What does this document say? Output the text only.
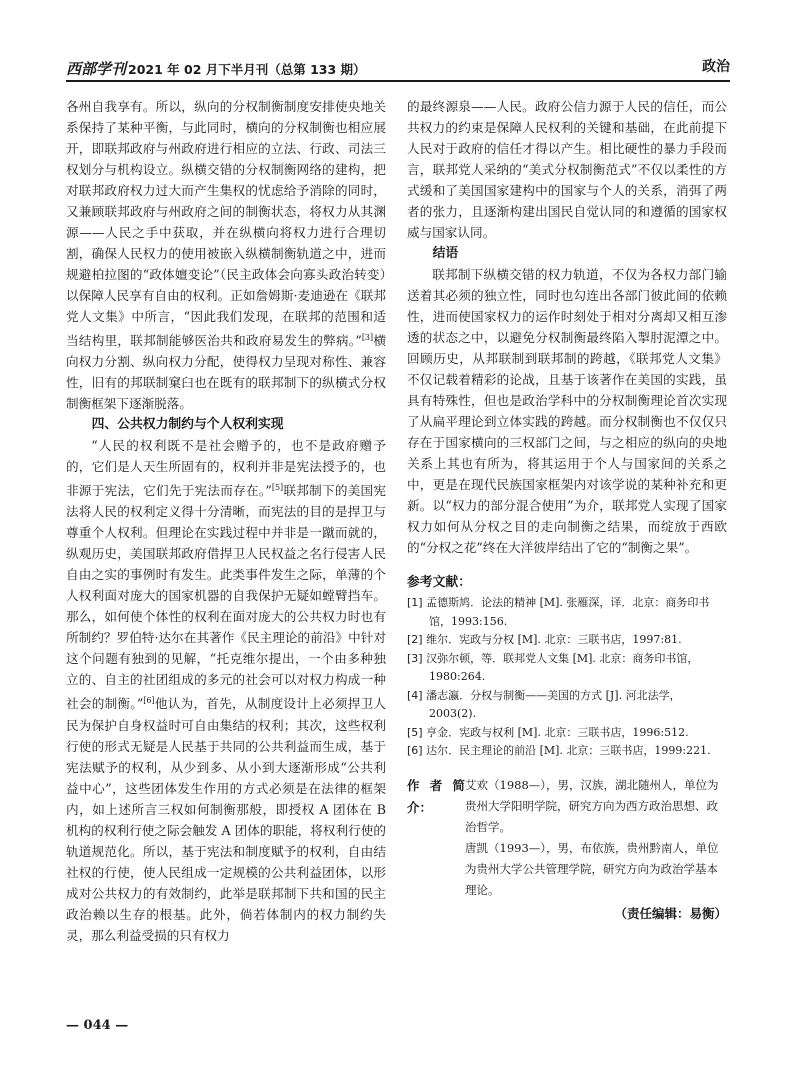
西部学刊 2021 年 02 月下半月刊（总第 133 期）	政治

各州自我享有。所以，纵向的分权制衡制度安排使央地关系保持了某种平衡，与此同时，横向的分权制衡也相应展开，即联邦政府与州政府进行相应的立法、行政、司法三权划分与机构设立。纵横交错的分权制衡网络的建构，把对联邦政府权力过大而产生集权的忧虑给予消除的同时，又兼顾联邦政府与州政府之间的制衡状态，将权力从其渊源——人民之手中获取，并在纵横向将权力进行合理切割，确保人民权力的使用被嵌入纵横制衡轨道之中，进而规避柏拉图的“政体嬗变论”（民主政体会向寡头政治转变）以保障人民享有自由的权利。正如詹姆斯·麦迪逊在《联邦党人文集》中所言，“因此我们发现，在联邦的范围和适当结构里，联邦制能够医治共和政府易发生的弊病。”[3]横向权力分割、纵向权力分配，使得权力呈现对称性、兼容性，旧有的邦联制窠臼也在既有的联邦制下的纵横式分权制衡框架下逐渐脱落。

四、公共权力制约与个人权利实现

“人民的权利既不是社会赠予的，也不是政府赠予的，它们是人天生所固有的，权利并非是宪法授予的，也非源于宪法，它们先于宪法而存在。”[5]联邦制下的美国宪法将人民的权利定义得十分清晰，而宪法的目的是捍卫与尊重个人权利。但理论在实践过程中并非是一蹴而就的，纵观历史，美国联邦政府借捍卫人民权益之名行侵害人民自由之实的事例时有发生。此类事件发生之际，单薄的个人权利面对庞大的国家机器的自我保护无疑如螳臂挡车。那么，如何使个体性的权利在面对庞大的公共权力时也有所制约？罗伯特·达尔在其著作《民主理论的前沿》中针对这个问题有独到的见解，“托克维尔提出，一个由多种独立的、自主的社团组成的多元的社会可以对权力构成一种社会的制衡。”[6]他认为，首先，从制度设计上必须捍卫人民为保护自身权益时可自由集结的权利；其次，这些权利行使的形式无疑是人民基于共同的公共利益而生成，基于宪法赋予的权利，从少到多、从小到大逐渐形成“公共利益中心”，这些团体发生作用的方式必须是在法律的框架内，如上述所言三权如何制衡那般，即授权 A 团体在 B 机构的权利行使之际会触发 A 团体的职能，将权利行使的轨道规范化。所以，基于宪法和制度赋予的权利，自由结社权的行使，使人民组成一定规模的公共利益团体，以形成对公共权力的有效制约，此举是联邦制下共和国的民主政治赖以生存的根基。此外，倘若体制内的权力制约失灵，那么利益受损的只有权力

的最终源泉——人民。政府公信力源于人民的信任，而公共权力的约束是保障人民权利的关键和基础，在此前提下人民对于政府的信任才得以产生。相比硬性的暴力手段而言，联邦党人采纳的“美式分权制衡范式”不仅以柔性的方式缓和了美国国家建构中的国家与个人的关系，消弭了两者的张力，且逐渐构建出国民自觉认同的和遵循的国家权威与国家认同。

结语

联邦制下纵横交错的权力轨道，不仅为各权力部门输送着其必须的独立性，同时也勾连出各部门彼此间的依赖性，进而使国家权力的运作时刻处于相对分离却又相互渗透的状态之中，以避免分权制衡最终陷入掣肘泥潭之中。回顾历史，从邦联制到联邦制的跨越，《联邦党人文集》不仅记载着精彩的论战，且基于该著作在美国的实践，虽具有特殊性，但也是政治学科中的分权制衡理论首次实现了从扁平理论到立体实践的跨越。而分权制衡也不仅仅只存在于国家横向的三权部门之间，与之相应的纵向的央地关系上其也有所为，将其运用于个人与国家间的关系之中，更是在现代民族国家框架内对该学说的某种补充和更新。以“权力的部分混合使用”为介，联邦党人实现了国家权力如何从分权之目的走向制衡之结果，而绽放于西欧的“分权之花”终在大洋彼岸结出了它的“制衡之果”。

参考文献：
[1] 孟德斯鸠．论法的精神 [M]. 张雁深，译．北京：商务印书馆，1993:156.
[2] 维尔．宪政与分权 [M]. 北京：三联书店，1997:81.
[3] 汉弥尔顿，等．联邦党人文集 [M]. 北京：商务印书馆，1980:264.
[4] 潘志瀛．分权与制衡——美国的方式 [J]. 河北法学，2003(2).
[5] 亨金．宪政与权利 [M]. 北京：三联书店，1996:512.
[6] 达尔．民主理论的前沿 [M]. 北京：三联书店，1999:221.
作者简介：
艾欢（1988—），男，汉族，湖北随州人，单位为贵州大学阳明学院，研究方向为西方政治思想、政治哲学。
唐凯（1993—），男，布依族，贵州黔南人，单位为贵州大学公共管理学院，研究方向为政治学基本理论。
（责任编辑：易衡）
— 044 —
